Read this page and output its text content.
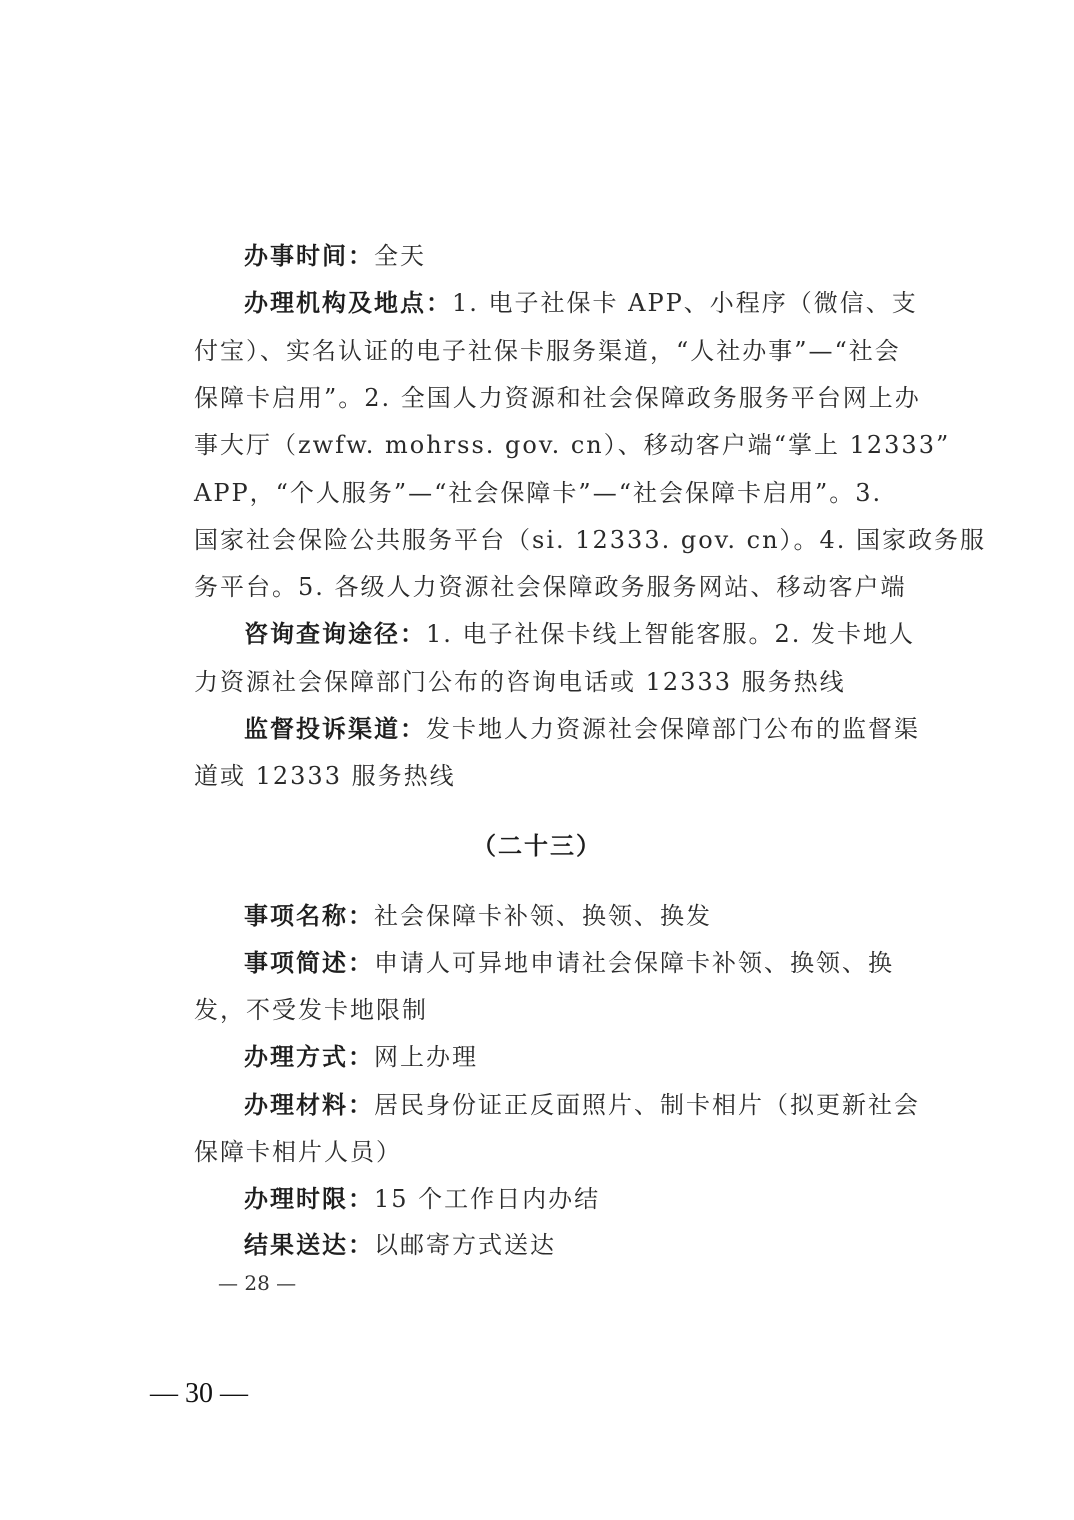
办事时间：全天
办理机构及地点：1. 电子社保卡 APP、小程序（微信、支
付宝）、实名认证的电子社保卡服务渠道，“人社办事”—“社会
保障卡启用”。2. 全国人力资源和社会保障政务服务平台网上办
事大厅（zwfw. mohrss. gov. cn）、移动客户端“掌上 12333”
APP，“个人服务”—“社会保障卡”—“社会保障卡启用”。3.
国家社会保险公共服务平台（si. 12333. gov. cn）。4. 国家政务服
务平台。5. 各级人力资源社会保障政务服务网站、移动客户端
咨询查询途径：1. 电子社保卡线上智能客服。2. 发卡地人
力资源社会保障部门公布的咨询电话或 12333 服务热线
监督投诉渠道：发卡地人力资源社会保障部门公布的监督渠
道或 12333 服务热线
（二十三）
事项名称：社会保障卡补领、换领、换发
事项简述：申请人可异地申请社会保障卡补领、换领、换
发，不受发卡地限制
办理方式：网上办理
办理材料：居民身份证正反面照片、制卡相片（拟更新社会
保障卡相片人员）
办理时限：15 个工作日内办结
结果送达：以邮寄方式送达
— 28 —
— 30 —
